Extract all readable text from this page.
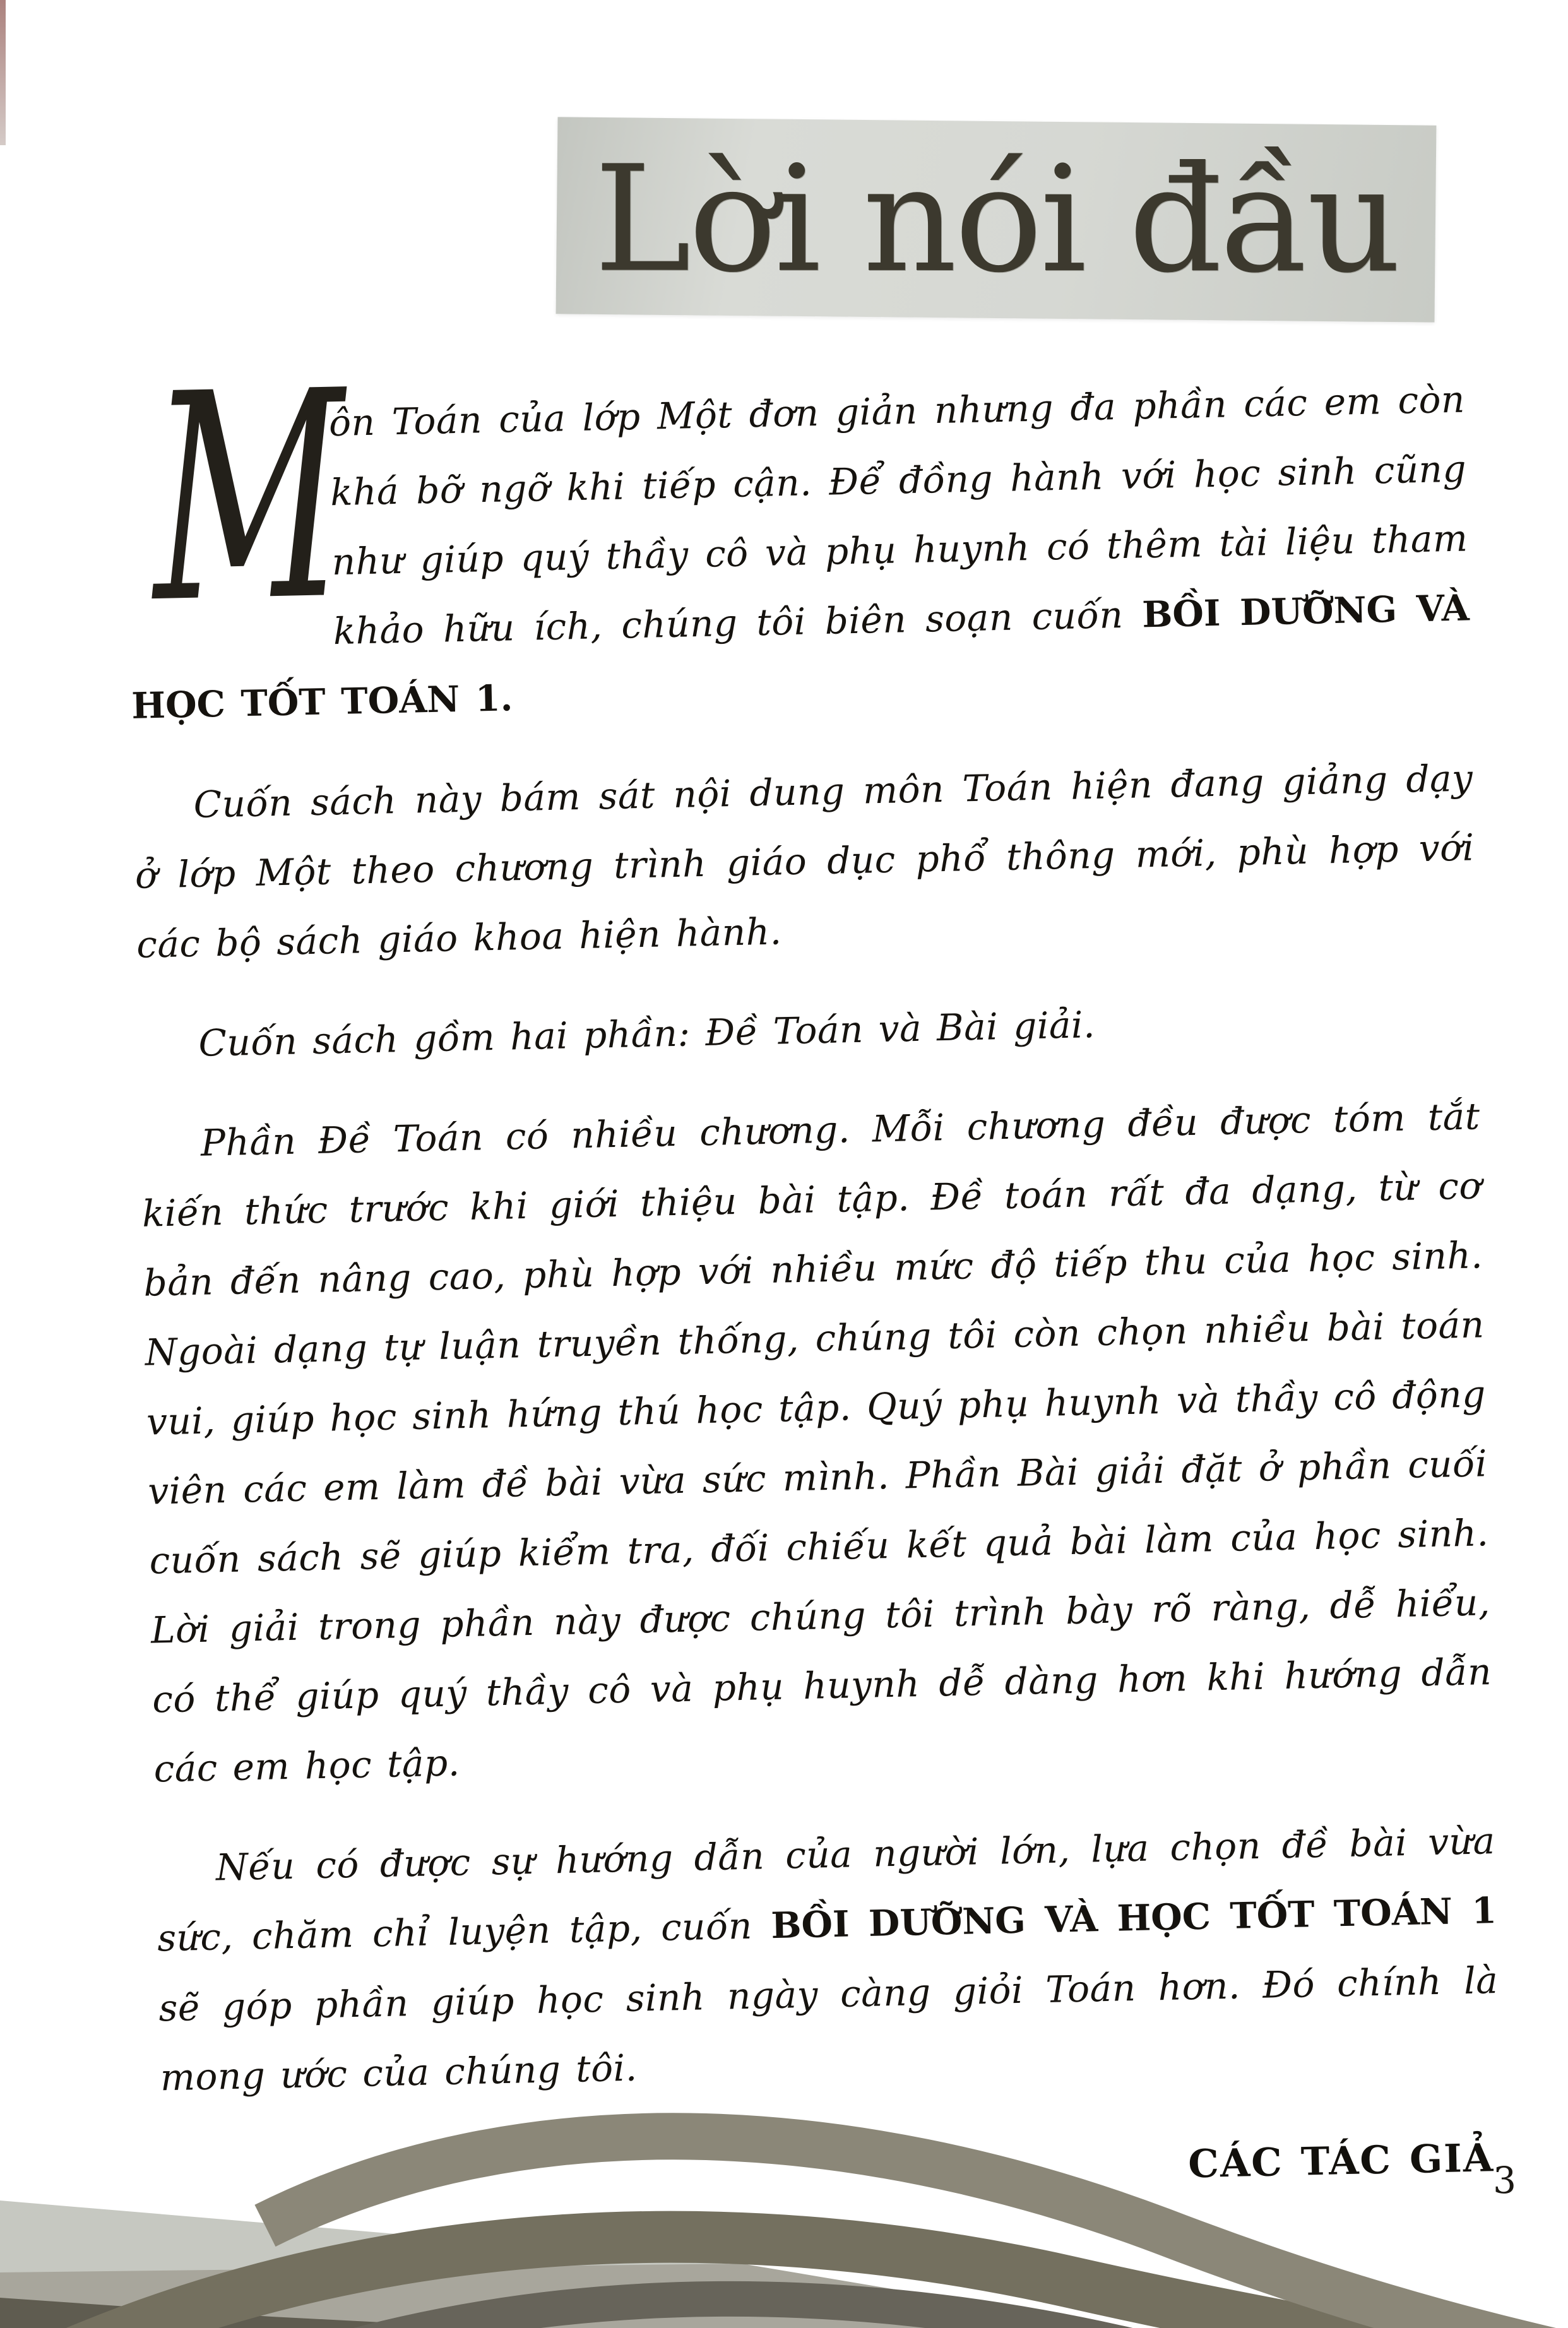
Lời nói đầu

M
ôn Toán của lớp Một đơn giản nhưng đa phần các em còn khá bỡ ngỡ khi tiếp cận. Để đồng hành với học sinh cũng như giúp quý thầy cô và phụ huynh có thêm tài liệu tham khảo hữu ích, chúng tôi biên soạn cuốn BỒI DƯỠNG VÀ HỌC TỐT TOÁN 1.

Cuốn sách này bám sát nội dung môn Toán hiện đang giảng dạy ở lớp Một theo chương trình giáo dục phổ thông mới, phù hợp với các bộ sách giáo khoa hiện hành.

Cuốn sách gồm hai phần: Đề Toán và Bài giải.

Phần Đề Toán có nhiều chương. Mỗi chương đều được tóm tắt kiến thức trước khi giới thiệu bài tập. Đề toán rất đa dạng, từ cơ bản đến nâng cao, phù hợp với nhiều mức độ tiếp thu của học sinh. Ngoài dạng tự luận truyền thống, chúng tôi còn chọn nhiều bài toán vui, giúp học sinh hứng thú học tập. Quý phụ huynh và thầy cô động viên các em làm đề bài vừa sức mình. Phần Bài giải đặt ở phần cuối cuốn sách sẽ giúp kiểm tra, đối chiếu kết quả bài làm của học sinh. Lời giải trong phần này được chúng tôi trình bày rõ ràng, dễ hiểu, có thể giúp quý thầy cô và phụ huynh dễ dàng hơn khi hướng dẫn các em học tập.

Nếu có được sự hướng dẫn của người lớn, lựa chọn đề bài vừa sức, chăm chỉ luyện tập, cuốn BỒI DƯỠNG VÀ HỌC TỐT TOÁN 1 sẽ góp phần giúp học sinh ngày càng giỏi Toán hơn. Đó chính là mong ước của chúng tôi.

CÁC TÁC GIẢ
3
